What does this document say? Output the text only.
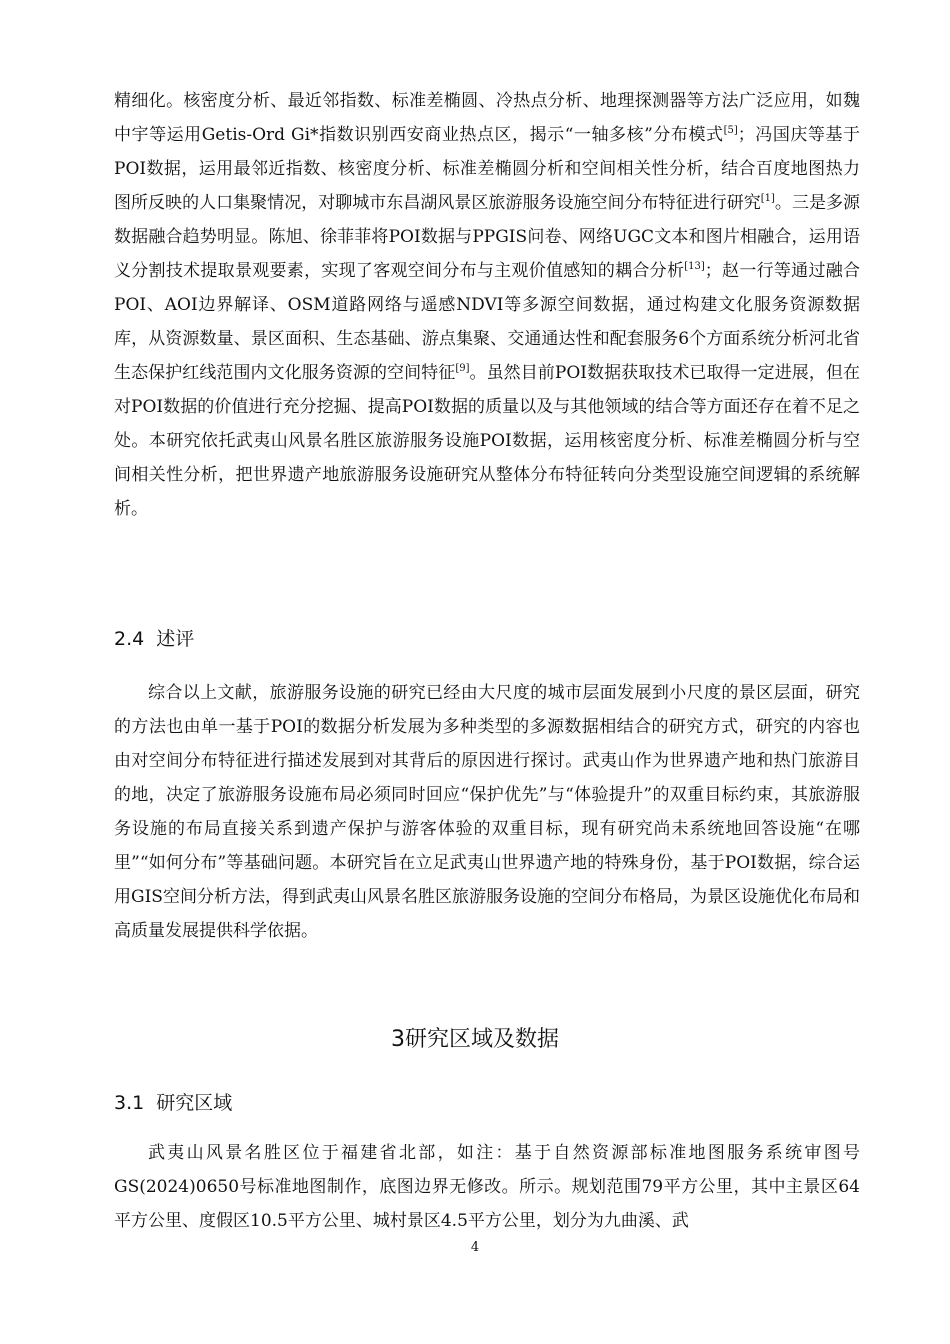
精细化。核密度分析、最近邻指数、标准差椭圆、冷热点分析、地理探测器等方法广泛应用，如魏中宇等运用Getis-Ord Gi*指数识别西安商业热点区，揭示“一轴多核”分布模式[5]；冯国庆等基于POI数据，运用最邻近指数、核密度分析、标准差椭圆分析和空间相关性分析，结合百度地图热力图所反映的人口集聚情况，对聊城市东昌湖风景区旅游服务设施空间分布特征进行研究[1]。三是多源数据融合趋势明显。陈旭、徐菲菲将POI数据与PPGIS问卷、网络UGC文本和图片相融合，运用语义分割技术提取景观要素，实现了客观空间分布与主观价值感知的耦合分析[13]；赵一行等通过融合POI、AOI边界解译、OSM道路网络与遥感NDVI等多源空间数据，通过构建文化服务资源数据库，从资源数量、景区面积、生态基础、游点集聚、交通通达性和配套服务6个方面系统分析河北省生态保护红线范围内文化服务资源的空间特征[9]。虽然目前POI数据获取技术已取得一定进展，但在对POI数据的价值进行充分挖掘、提高POI数据的质量以及与其他领域的结合等方面还存在着不足之处。本研究依托武夷山风景名胜区旅游服务设施POI数据，运用核密度分析、标准差椭圆分析与空间相关性分析，把世界遗产地旅游服务设施研究从整体分布特征转向分类型设施空间逻辑的系统解析。
2.4 述评
综合以上文献，旅游服务设施的研究已经由大尺度的城市层面发展到小尺度的景区层面，研究的方法也由单一基于POI的数据分析发展为多种类型的多源数据相结合的研究方式，研究的内容也由对空间分布特征进行描述发展到对其背后的原因进行探讨。武夷山作为世界遗产地和热门旅游目的地，决定了旅游服务设施布局必须同时回应“保护优先”与“体验提升”的双重目标约束，其旅游服务设施的布局直接关系到遗产保护与游客体验的双重目标，现有研究尚未系统地回答设施“在哪里”“如何分布”等基础问题。本研究旨在立足武夷山世界遗产地的特殊身份，基于POI数据，综合运用GIS空间分析方法，得到武夷山风景名胜区旅游服务设施的空间分布格局，为景区设施优化布局和高质量发展提供科学依据。
3研究区域及数据
3.1 研究区域
武夷山风景名胜区位于福建省北部，如注：基于自然资源部标准地图服务系统审图号GS(2024)0650号标准地图制作，底图边界无修改。所示。规划范围79平方公里，其中主景区64平方公里、度假区10.5平方公里、城村景区4.5平方公里，划分为九曲溪、武
4
